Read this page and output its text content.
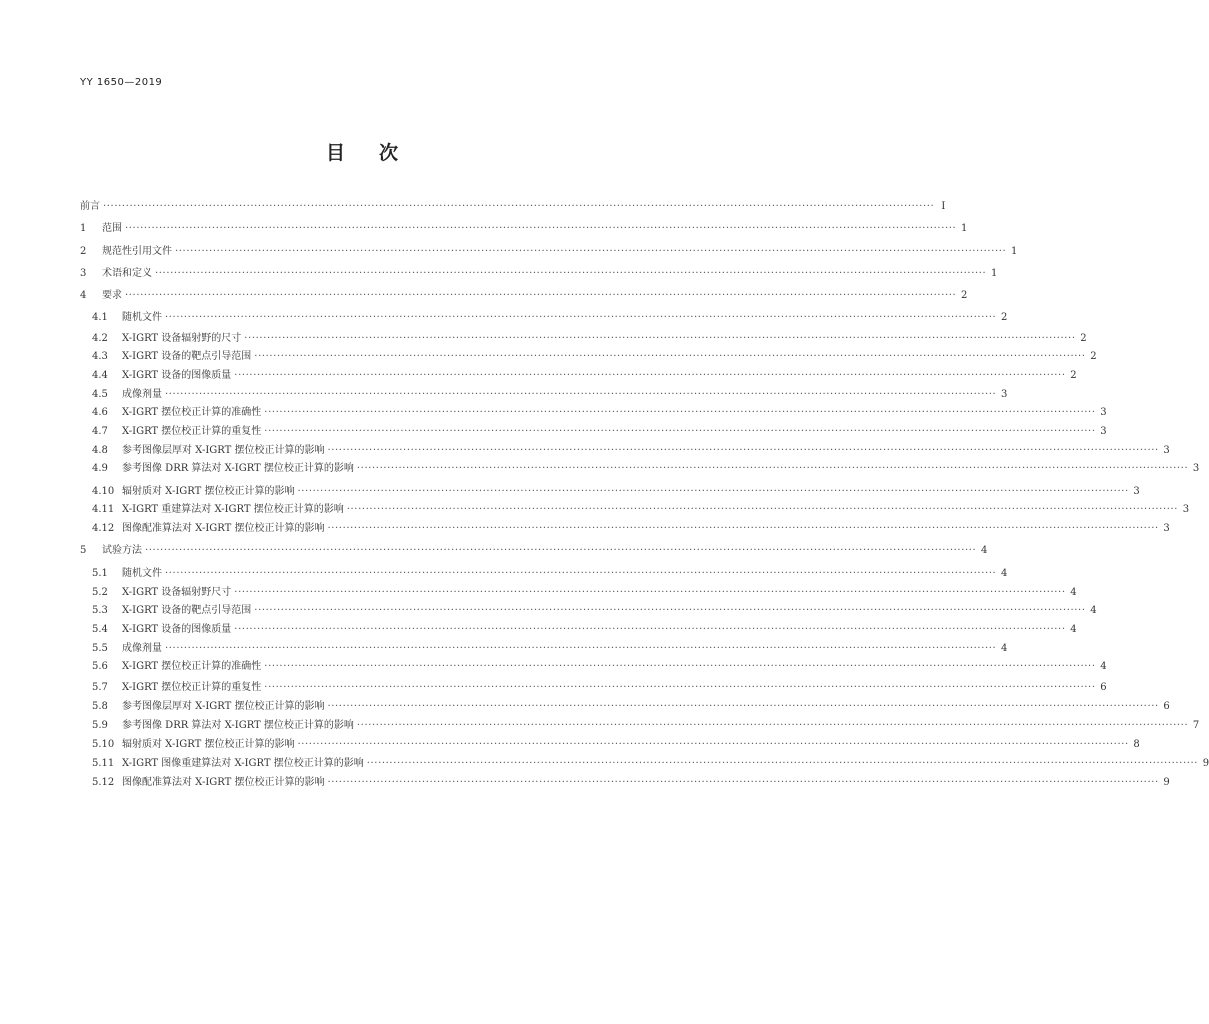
YY 1650—2019
目 次
前言 ···························································································································································································································· Ⅰ
1	范围 ···························································································································································································································· 1
2	规范性引用文件 ···························································································································································································································· 1
3	术语和定义 ···························································································································································································································· 1
4	要求 ···························································································································································································································· 2
4.1	随机文件 ···························································································································································································································· 2
4.2	X-IGRT 设备辐射野的尺寸 ···························································································································································································································· 2
4.3	X-IGRT 设备的靶点引导范围 ···························································································································································································································· 2
4.4	X-IGRT 设备的图像质量 ···························································································································································································································· 2
4.5	成像剂量 ···························································································································································································································· 3
4.6	X-IGRT 摆位校正计算的准确性 ···························································································································································································································· 3
4.7	X-IGRT 摆位校正计算的重复性 ···························································································································································································································· 3
4.8	参考图像层厚对 X-IGRT 摆位校正计算的影响 ···························································································································································································································· 3
4.9	参考图像 DRR 算法对 X-IGRT 摆位校正计算的影响 ···························································································································································································································· 3
4.10 辐射质对 X-IGRT 摆位校正计算的影响 ···························································································································································································································· 3
4.11 X-IGRT 重建算法对 X-IGRT 摆位校正计算的影响 ···························································································································································································································· 3
4.12 图像配准算法对 X-IGRT 摆位校正计算的影响 ···························································································································································································································· 3
5	试验方法 ···························································································································································································································· 4
5.1	随机文件 ···························································································································································································································· 4
5.2	X-IGRT 设备辐射野尺寸 ···························································································································································································································· 4
5.3	X-IGRT 设备的靶点引导范围 ···························································································································································································································· 4
5.4	X-IGRT 设备的图像质量 ···························································································································································································································· 4
5.5	成像剂量 ···························································································································································································································· 4
5.6	X-IGRT 摆位校正计算的准确性 ···························································································································································································································· 4
5.7	X-IGRT 摆位校正计算的重复性 ···························································································································································································································· 6
5.8	参考图像层厚对 X-IGRT 摆位校正计算的影响 ···························································································································································································································· 6
5.9	参考图像 DRR 算法对 X-IGRT 摆位校正计算的影响 ···························································································································································································································· 7
5.10 辐射质对 X-IGRT 摆位校正计算的影响 ···························································································································································································································· 8
5.11 X-IGRT 图像重建算法对 X-IGRT 摆位校正计算的影响 ···························································································································································································································· 9
5.12 图像配准算法对 X-IGRT 摆位校正计算的影响 ···························································································································································································································· 9
